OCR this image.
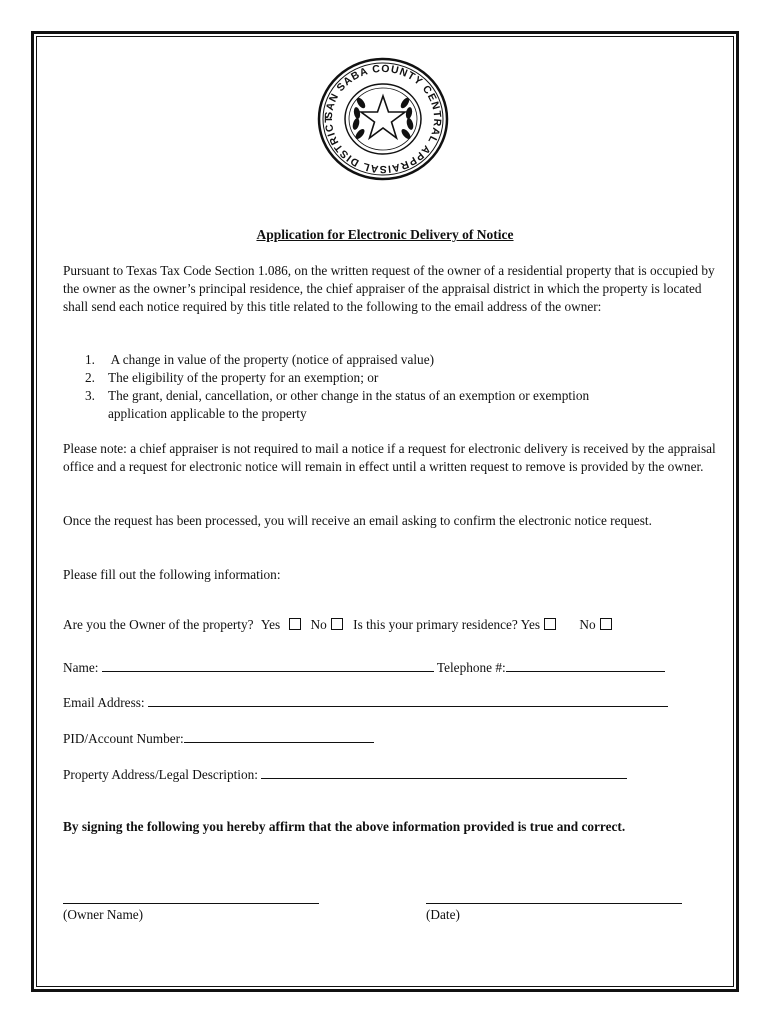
SAN SABA COUNTY CENTRAL APPRAISAL DISTRICT
Application for Electronic Delivery of Notice
Pursuant to Texas Tax Code Section 1.086, on the written request of the owner of a residential property that is occupied by the owner as the owner’s principal residence, the chief appraiser of the appraisal district in which the property is located shall send each notice required by this title related to the following to the email address of the owner:
1. A change in value of the property (notice of appraised value)
2. The eligibility of the property for an exemption; or
3. The grant, denial, cancellation, or other change in the status of an exemption or exemption
application applicable to the property
Please note: a chief appraiser is not required to mail a notice if a request for electronic delivery is received by the appraisal office and a request for electronic notice will remain in effect until a written request to remove is provided by the owner.
Once the request has been processed, you will receive an email asking to confirm the electronic notice request.
Please fill out the following information:
Are you the Owner of the property? Yes No Is this your primary residence? Yes	No
Name:	Telephone #:
Email Address:
PID/Account Number:
Property Address/Legal Description:
By signing the following you hereby affirm that the above information provided is true and correct.
(Owner Name)	(Date)
